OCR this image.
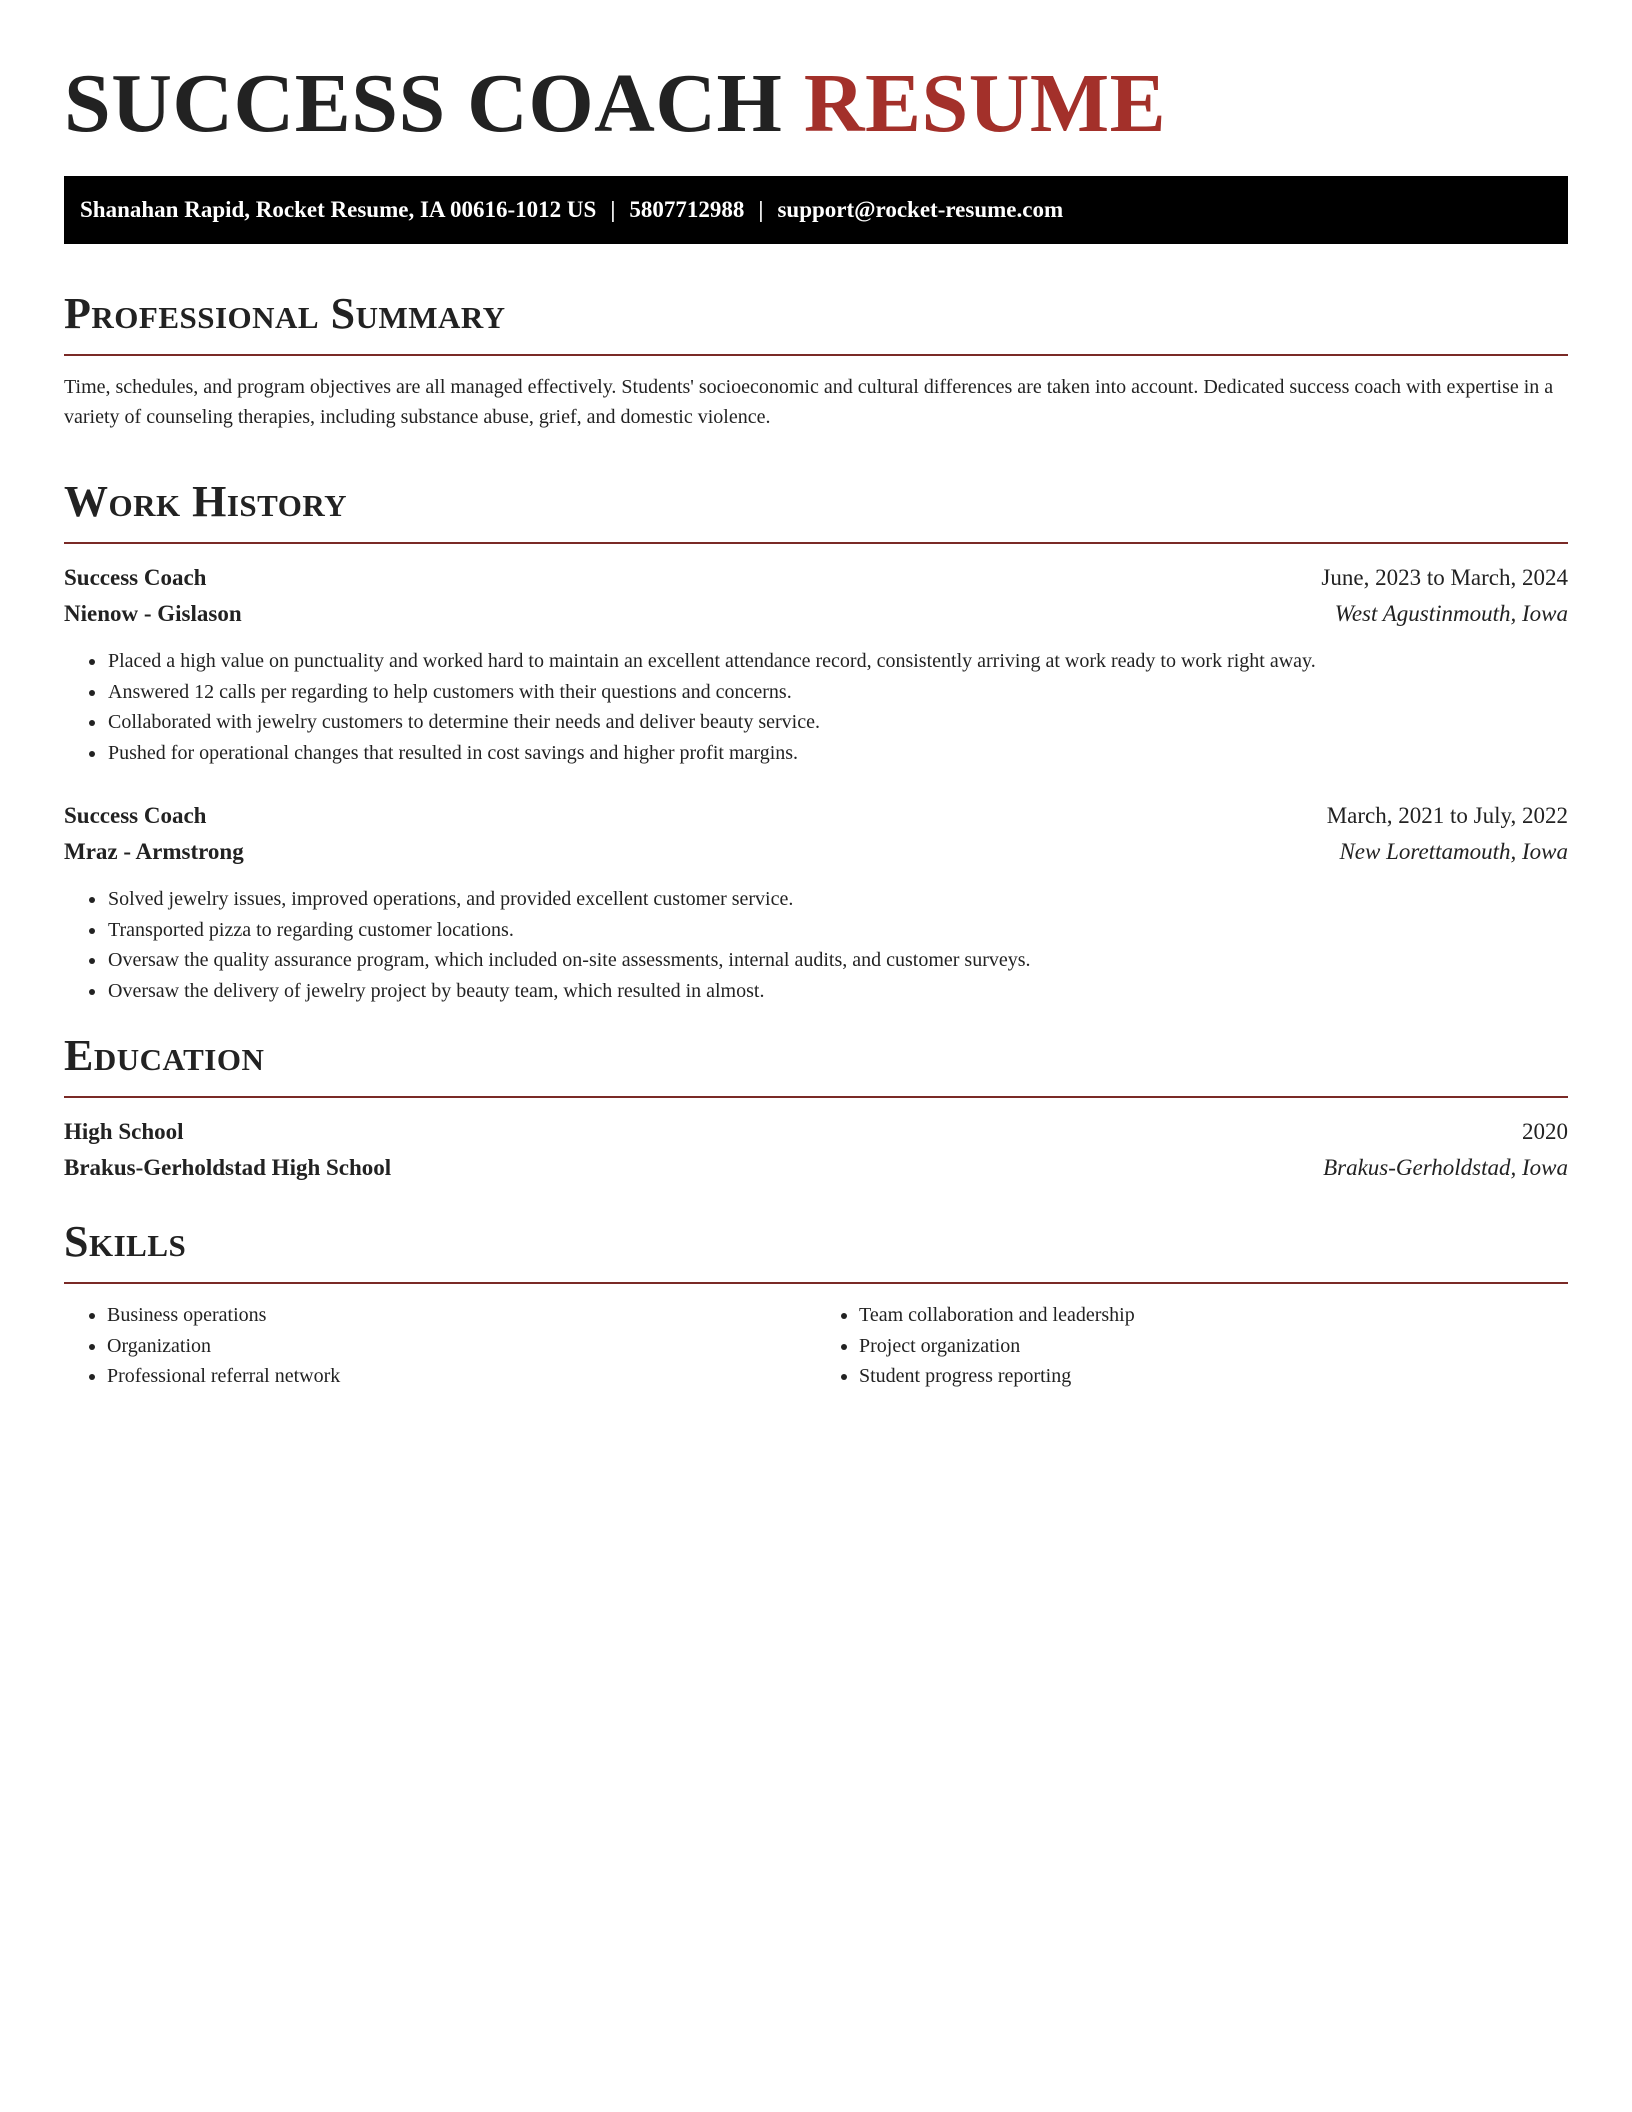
SUCCESS COACH RESUME
Shanahan Rapid, Rocket Resume, IA 00616-1012 US | 5807712988 | support@rocket-resume.com
Professional Summary

Time, schedules, and program objectives are all managed effectively. Students' socioeconomic and cultural differences are taken into account. Dedicated success coach with expertise in a variety of counseling therapies, including substance abuse, grief, and domestic violence.

Work History
Success Coach	June, 2023 to March, 2024
Nienow - Gislason	West Agustinmouth, Iowa
• Placed a high value on punctuality and worked hard to maintain an excellent attendance record, consistently arriving at work ready to work right away.
• Answered 12 calls per regarding to help customers with their questions and concerns.
• Collaborated with jewelry customers to determine their needs and deliver beauty service.
• Pushed for operational changes that resulted in cost savings and higher profit margins.
Success Coach	March, 2021 to July, 2022
Mraz - Armstrong	New Lorettamouth, Iowa
• Solved jewelry issues, improved operations, and provided excellent customer service.
• Transported pizza to regarding customer locations.
• Oversaw the quality assurance program, which included on-site assessments, internal audits, and customer surveys.
• Oversaw the delivery of jewelry project by beauty team, which resulted in almost.
Education
High School	2020
Brakus-Gerholdstad High School	Brakus-Gerholdstad, Iowa
Skills
• Business operations
• Organization
• Professional referral network
• Team collaboration and leadership
• Project organization
• Student progress reporting
